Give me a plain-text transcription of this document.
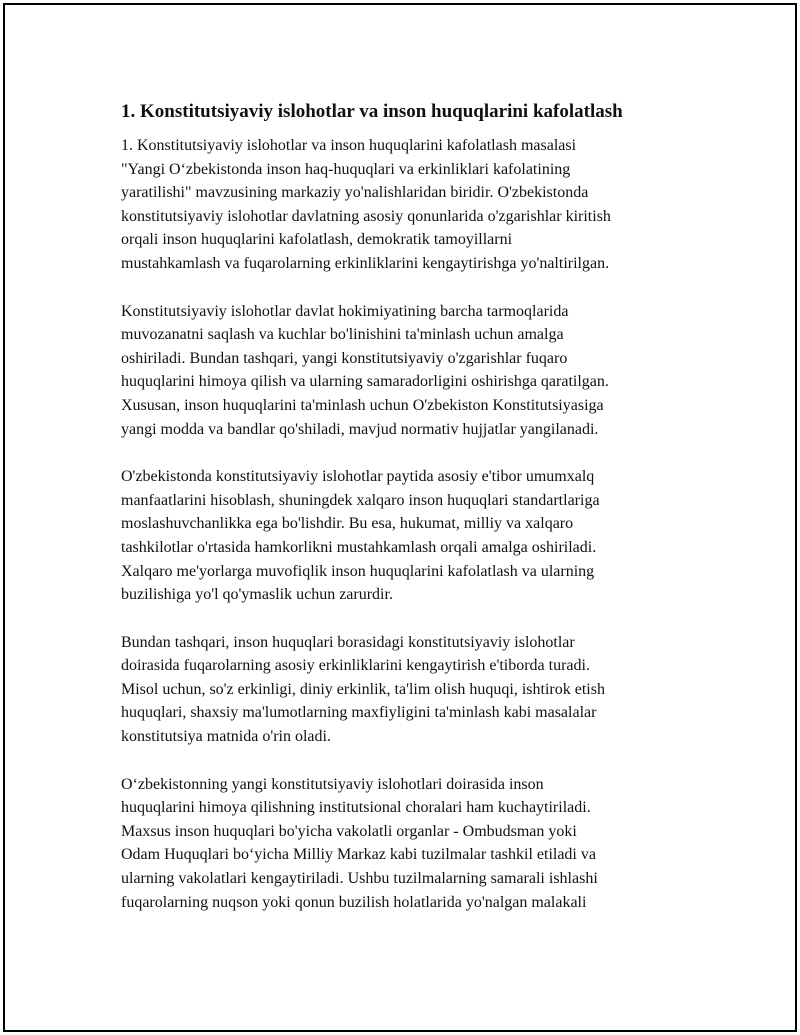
1. Konstitutsiyaviy islohotlar va inson huquqlarini kafolatlash
1. Konstitutsiyaviy islohotlar va inson huquqlarini kafolatlash masalasi
"Yangi O‘zbekistonda inson haq-huquqlari va erkinliklari kafolatining
yaratilishi" mavzusining markaziy yo'nalishlaridan biridir. O'zbekistonda
konstitutsiyaviy islohotlar davlatning asosiy qonunlarida o'zgarishlar kiritish
orqali inson huquqlarini kafolatlash, demokratik tamoyillarni
mustahkamlash va fuqarolarning erkinliklarini kengaytirishga yo'naltirilgan.
Konstitutsiyaviy islohotlar davlat hokimiyatining barcha tarmoqlarida
muvozanatni saqlash va kuchlar bo'linishini ta'minlash uchun amalga
oshiriladi. Bundan tashqari, yangi konstitutsiyaviy o'zgarishlar fuqaro
huquqlarini himoya qilish va ularning samaradorligini oshirishga qaratilgan.
Xususan, inson huquqlarini ta'minlash uchun O'zbekiston Konstitutsiyasiga
yangi modda va bandlar qo'shiladi, mavjud normativ hujjatlar yangilanadi.
O'zbekistonda konstitutsiyaviy islohotlar paytida asosiy e'tibor umumxalq
manfaatlarini hisoblash, shuningdek xalqaro inson huquqlari standartlariga
moslashuvchanlikka ega bo'lishdir. Bu esa, hukumat, milliy va xalqaro
tashkilotlar o'rtasida hamkorlikni mustahkamlash orqali amalga oshiriladi.
Xalqaro me'yorlarga muvofiqlik inson huquqlarini kafolatlash va ularning
buzilishiga yo'l qo'ymaslik uchun zarurdir.
Bundan tashqari, inson huquqlari borasidagi konstitutsiyaviy islohotlar
doirasida fuqarolarning asosiy erkinliklarini kengaytirish e'tiborda turadi.
Misol uchun, so'z erkinligi, diniy erkinlik, ta'lim olish huquqi, ishtirok etish
huquqlari, shaxsiy ma'lumotlarning maxfiyligini ta'minlash kabi masalalar
konstitutsiya matnida o'rin oladi.
O‘zbekistonning yangi konstitutsiyaviy islohotlari doirasida inson
huquqlarini himoya qilishning institutsional choralari ham kuchaytiriladi.
Maxsus inson huquqlari bo'yicha vakolatli organlar - Ombudsman yoki
Odam Huquqlari bo‘yicha Milliy Markaz kabi tuzilmalar tashkil etiladi va
ularning vakolatlari kengaytiriladi. Ushbu tuzilmalarning samarali ishlashi
fuqarolarning nuqson yoki qonun buzilish holatlarida yo'nalgan malakali
